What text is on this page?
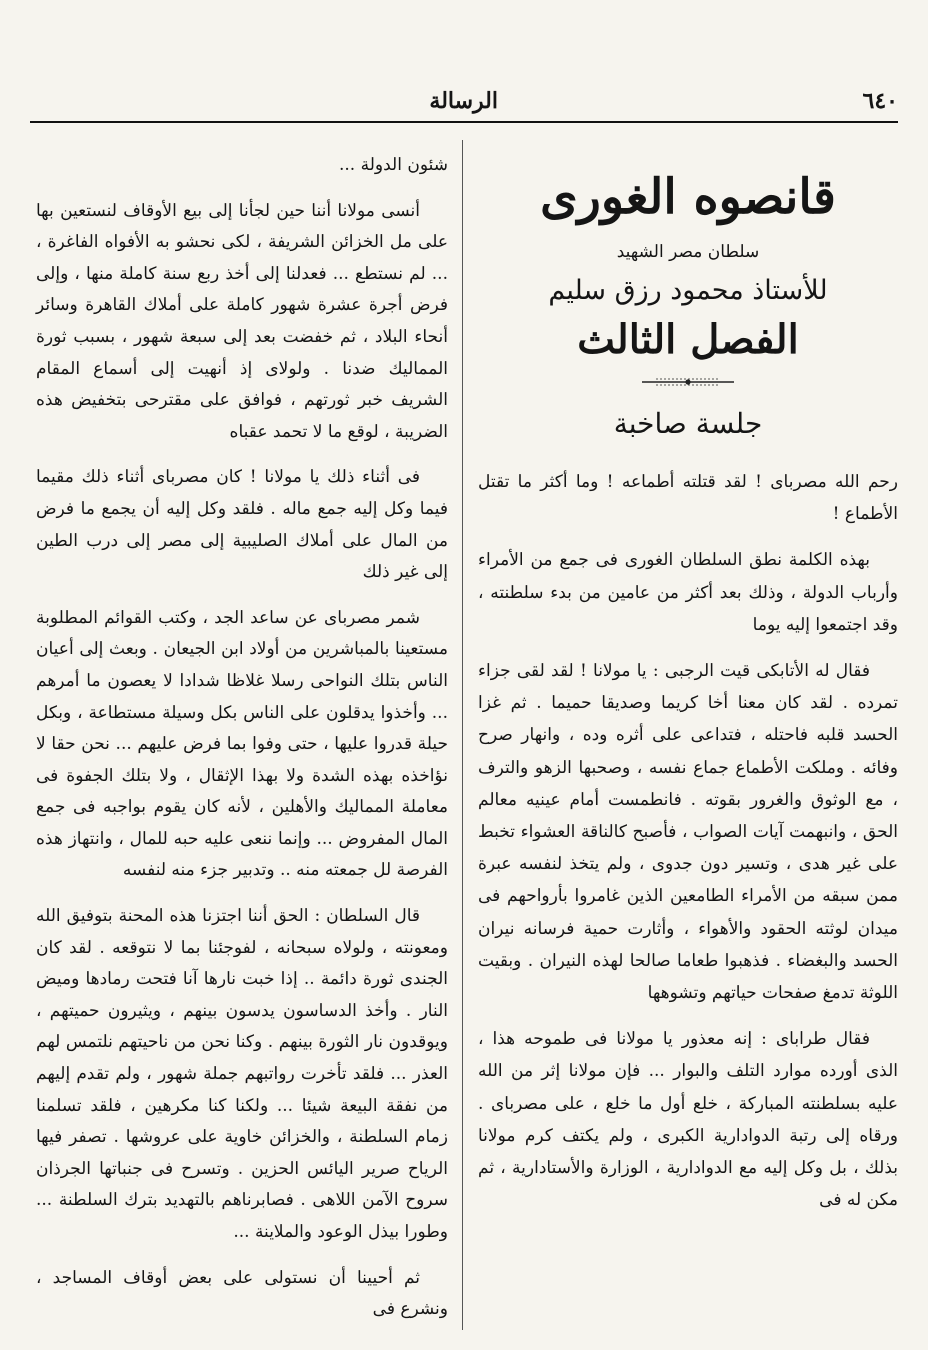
٦٤٠
الرسالة
قانصوه الغورى
سلطان مصر الشهيد
للأستاذ محمود رزق سليم
الفصل الثالث
جلسة صاخبة

رحم الله مصرباى ! لقد قتلته أطماعه ! وما أكثر ما تقتل الأطماع !

بهذه الكلمة نطق السلطان الغورى فى جمع من الأمراء وأرباب الدولة ، وذلك بعد أكثر من عامين من بدء سلطنته ، وقد اجتمعوا إليه يوما

فقال له الأتابكى قيت الرجبى : يا مولانا ! لقد لقى جزاء تمرده . لقد كان معنا أخا كريما وصديقا حميما . ثم غزا الحسد قلبه فاحتله ، فتداعى على أثره وده ، وانهار صرح وفائه . وملكت الأطماع جماع نفسه ، وصحبها الزهو والترف ، مع الوثوق والغرور بقوته . فانطمست أمام عينيه معالم الحق ، وانبهمت آيات الصواب ، فأصبح كالناقة العشواء تخبط على غير هدى ، وتسير دون جدوى ، ولم يتخذ لنفسه عبرة ممن سبقه من الأمراء الطامعين الذين غامروا بأرواحهم فى ميدان لوثته الحقود والأهواء ، وأثارت حمية فرسانه نيران الحسد والبغضاء . فذهبوا طعاما صالحا لهذه النيران . وبقيت اللوثة تدمغ صفحات حياتهم وتشوهها

فقال طراباى : إنه معذور يا مولانا فى طموحه هذا ، الذى أورده موارد التلف والبوار ... فإن مولانا إثر من الله عليه بسلطنته المباركة ، خلع أول ما خلع ، على مصرباى . ورقاه إلى رتبة الدوادارية الكبرى ، ولم يكتف كرم مولانا بذلك ، بل وكل إليه مع الدوادارية ، الوزارة والأستادارية ، ثم مكن له فى

شئون الدولة ...

أنسى مولانا أننا حين لجأنا إلى بيع الأوقاف لنستعين بها على مل الخزائن الشريفة ، لكى نحشو به الأفواه الفاغرة ، ... لم نستطع ... فعدلنا إلى أخذ ربع سنة كاملة منها ، وإلى فرض أجرة عشرة شهور كاملة على أملاك القاهرة وسائر أنحاء البلاد ، ثم خفضت بعد إلى سبعة شهور ، بسبب ثورة المماليك ضدنا . ولولاى إذ أنهيت إلى أسماع المقام الشريف خبر ثورتهم ، فوافق على مقترحى بتخفيض هذه الضريبة ، لوقع ما لا تحمد عقباه

فى أثناء ذلك يا مولانا ! كان مصرباى أثناء ذلك مقيما فيما وكل إليه جمع ماله . فلقد وكل إليه أن يجمع ما فرض من المال على أملاك الصليبية إلى مصر إلى درب الطين إلى غير ذلك

شمر مصرباى عن ساعد الجد ، وكتب القوائم المطلوبة مستعينا بالمباشرين من أولاد ابن الجيعان . وبعث إلى أعيان الناس بتلك النواحى رسلا غلاظا شدادا لا يعصون ما أمرهم ... وأخذوا يدقلون على الناس بكل وسيلة مستطاعة ، وبكل حيلة قدروا عليها ، حتى وفوا بما فرض عليهم ... نحن حقا لا نؤاخذه بهذه الشدة ولا بهذا الإثقال ، ولا بتلك الجفوة فى معاملة المماليك والأهلين ، لأنه كان يقوم بواجبه فى جمع المال المفروض ... وإنما ننعى عليه حبه للمال ، وانتهاز هذه الفرصة لل جمعته منه .. وتدبير جزء منه لنفسه

قال السلطان : الحق أننا اجتزنا هذه المحنة بتوفيق الله ومعونته ، ولولاه سبحانه ، لفوجئنا بما لا نتوقعه . لقد كان الجندى ثورة دائمة .. إذا خبت نارها آنا فتحت رمادها وميض النار . وأخذ الدساسون يدسون بينهم ، ويثيرون حميتهم ، ويوقدون نار الثورة بينهم . وكنا نحن من ناحيتهم نلتمس لهم العذر ... فلقد تأخرت رواتبهم جملة شهور ، ولم تقدم إليهم من نفقة البيعة شيئا ... ولكنا كنا مكرهين ، فلقد تسلمنا زمام السلطنة ، والخزائن خاوية على عروشها . تصفر فيها الرياح صرير اليائس الحزين . وتسرح فى جنباتها الجرذان سروح الآمن اللاهى . فصابرناهم بالتهديد بترك السلطنة ... وطورا بيذل الوعود والملاينة ...

ثم أحيينا أن نستولى على بعض أوقاف المساجد ، ونشرع فى
